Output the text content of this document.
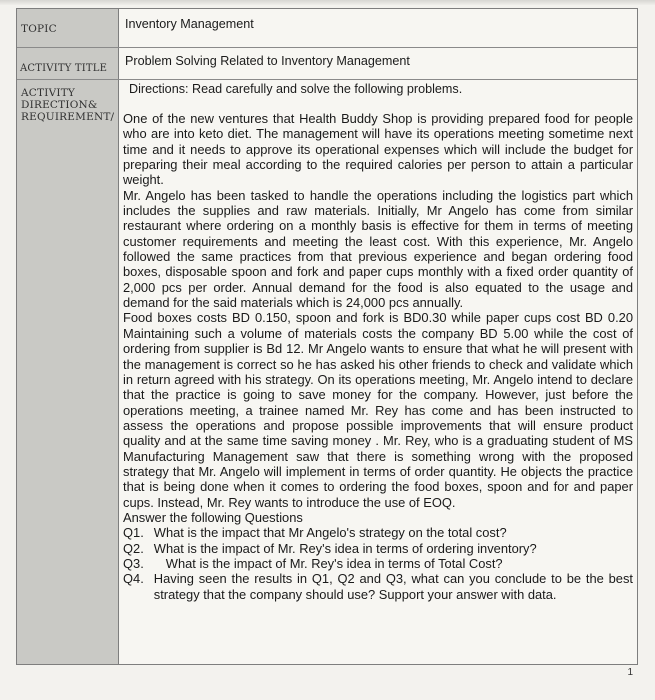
TOPIC	Inventory Management
ACTIVITY TITLE
Problem Solving Related to Inventory Management
ACTIVITY
DIRECTION&
REQUIREMENT/
Directions: Read carefully and solve the following problems.

One of the new ventures that Health Buddy Shop is providing prepared food for people who are into keto diet. The management will have its operations meeting sometime next time and it needs to approve its operational expenses which will include the budget for preparing their meal according to the required calories per person to attain a particular weight.

Mr. Angelo has been tasked to handle the operations including the logistics part which includes the supplies and raw materials. Initially, Mr Angelo has come from similar restaurant where ordering on a monthly basis is effective for them in terms of meeting customer requirements and meeting the least cost. With this experience, Mr. Angelo followed the same practices from that previous experience and began ordering food boxes, disposable spoon and fork and paper cups monthly with a fixed order quantity of 2,000 pcs per order. Annual demand for the food is also equated to the usage and demand for the said materials which is 24,000 pcs annually.

Food boxes costs BD 0.150, spoon and fork is BD0.30 while paper cups cost BD 0.20 Maintaining such a volume of materials costs the company BD 5.00 while the cost of ordering from supplier is Bd 12. Mr Angelo wants to ensure that what he will present with the management is correct so he has asked his other friends to check and validate which in return agreed with his strategy. On its operations meeting, Mr. Angelo intend to declare that the practice is going to save money for the company. However, just before the operations meeting, a trainee named Mr. Rey has come and has been instructed to assess the operations and propose possible improvements that will ensure product quality and at the same time saving money . Mr. Rey, who is a graduating student of MS Manufacturing Management saw that there is something wrong with the proposed strategy that Mr. Angelo will implement in terms of order quantity. He objects the practice that is being done when it comes to ordering the food boxes, spoon and for and paper cups. Instead, Mr. Rey wants to introduce the use of EOQ.

Answer the following Questions

Q1. What is the impact that Mr Angelo's strategy on the total cost?
Q2. What is the impact of Mr. Rey's idea in terms of ordering inventory?
Q3. What is the impact of Mr. Rey's idea in terms of Total Cost?
Q4. Having seen the results in Q1, Q2 and Q3, what can you conclude to be the best strategy that the company should use? Support your answer with data.
1
